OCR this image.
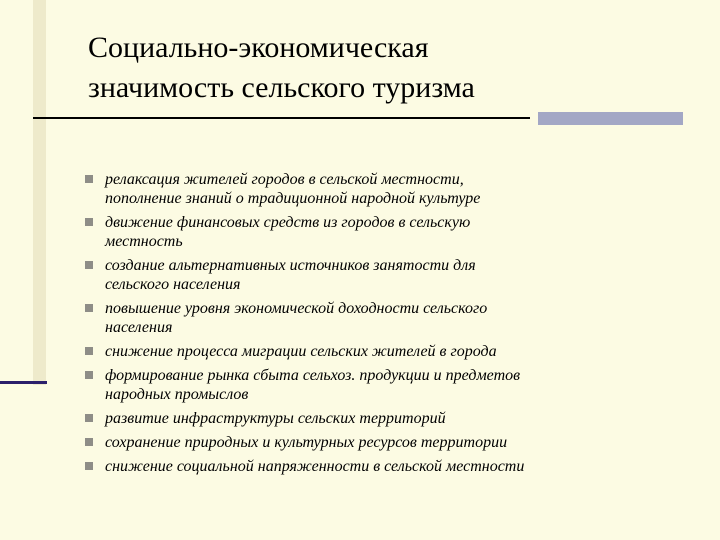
Социально-экономическая
значимость сельского туризма
релаксация жителей городов в сельской местности,
пополнение знаний о традиционной народной культуре
движение финансовых средств из городов в сельскую
местность
создание альтернативных источников занятости для
сельского населения
повышение уровня экономической доходности сельского
населения
снижение процесса миграции сельских жителей в города
формирование рынка сбыта сельхоз. продукции и предметов
народных промыслов
развитие инфраструктуры сельских территорий
сохранение природных и культурных ресурсов территории
снижение социальной напряженности в сельской местности
